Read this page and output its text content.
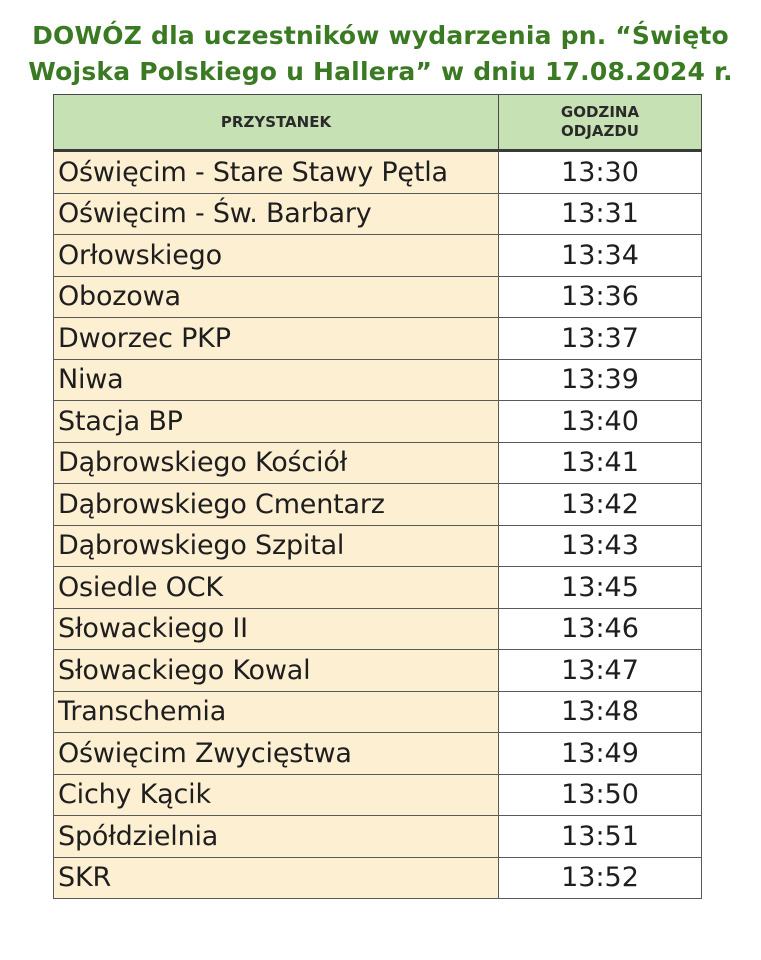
DOWÓZ dla uczestników wydarzenia pn. “Święto
Wojska Polskiego u Hallera” w dniu 17.08.2024 r.
PRZYSTANEK	GODZINA
ODJAZDU

Oświęcim - Stare Stawy Pętla	13:30
Oświęcim - Św. Barbary	13:31
Orłowskiego	13:34
Obozowa	13:36
Dworzec PKP	13:37
Niwa	13:39
Stacja BP	13:40
Dąbrowskiego Kościół	13:41
Dąbrowskiego Cmentarz	13:42
Dąbrowskiego Szpital	13:43
Osiedle OCK	13:45
Słowackiego II	13:46
Słowackiego Kowal	13:47
Transchemia	13:48
Oświęcim Zwycięstwa	13:49
Cichy Kącik	13:50
Spółdzielnia	13:51
SKR	13:52
